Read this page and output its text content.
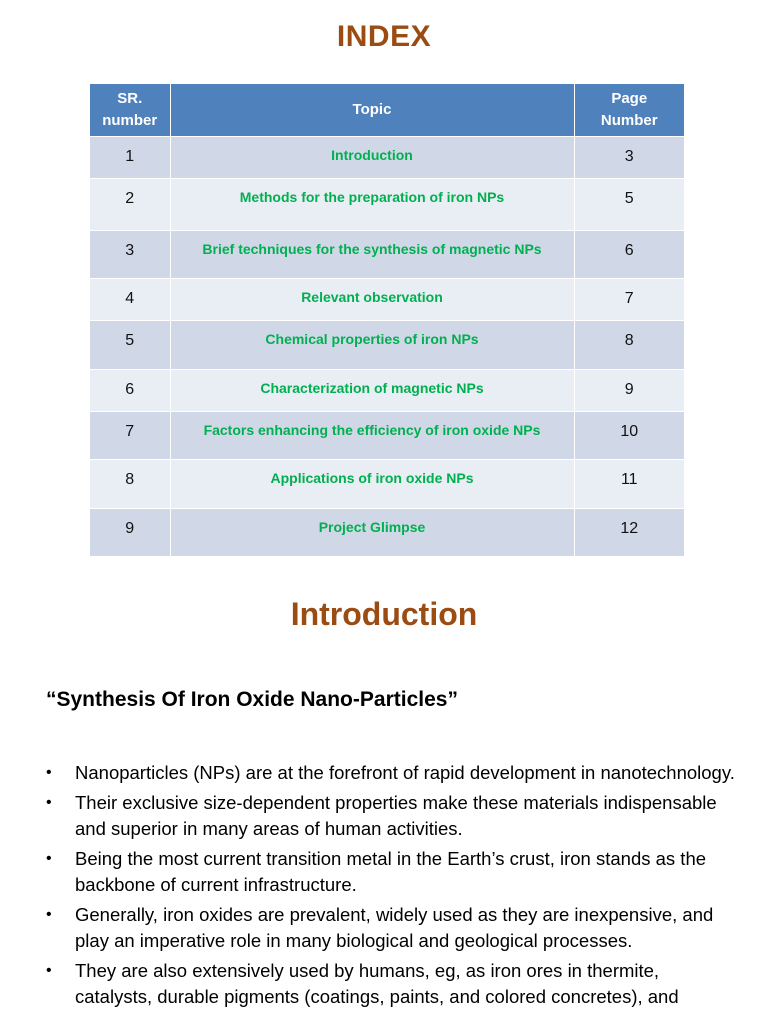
INDEX
SR.
number	Topic	Page
Number
1	Introduction	3
2	Methods for the preparation of iron NPs	5
3	Brief techniques for the synthesis of magnetic NPs	6
4	Relevant observation	7
5	Chemical properties of iron NPs	8
6	Characterization of magnetic NPs	9
7	Factors enhancing the efficiency of iron oxide NPs	10
8	Applications of iron oxide NPs	11
9	Project Glimpse	12
Introduction
“Synthesis Of Iron Oxide Nano-Particles”
• Nanoparticles (NPs) are at the forefront of rapid development in nanotechnology.
• Their exclusive size-dependent properties make these materials indispensable and superior in many areas of human activities.
• Being the most current transition metal in the Earth’s crust, iron stands as the backbone of current infrastructure.
• Generally, iron oxides are prevalent, widely used as they are inexpensive, and play an imperative role in many biological and geological processes.
• They are also extensively used by humans, eg, as iron ores in thermite, catalysts, durable pigments (coatings, paints, and colored concretes), and
